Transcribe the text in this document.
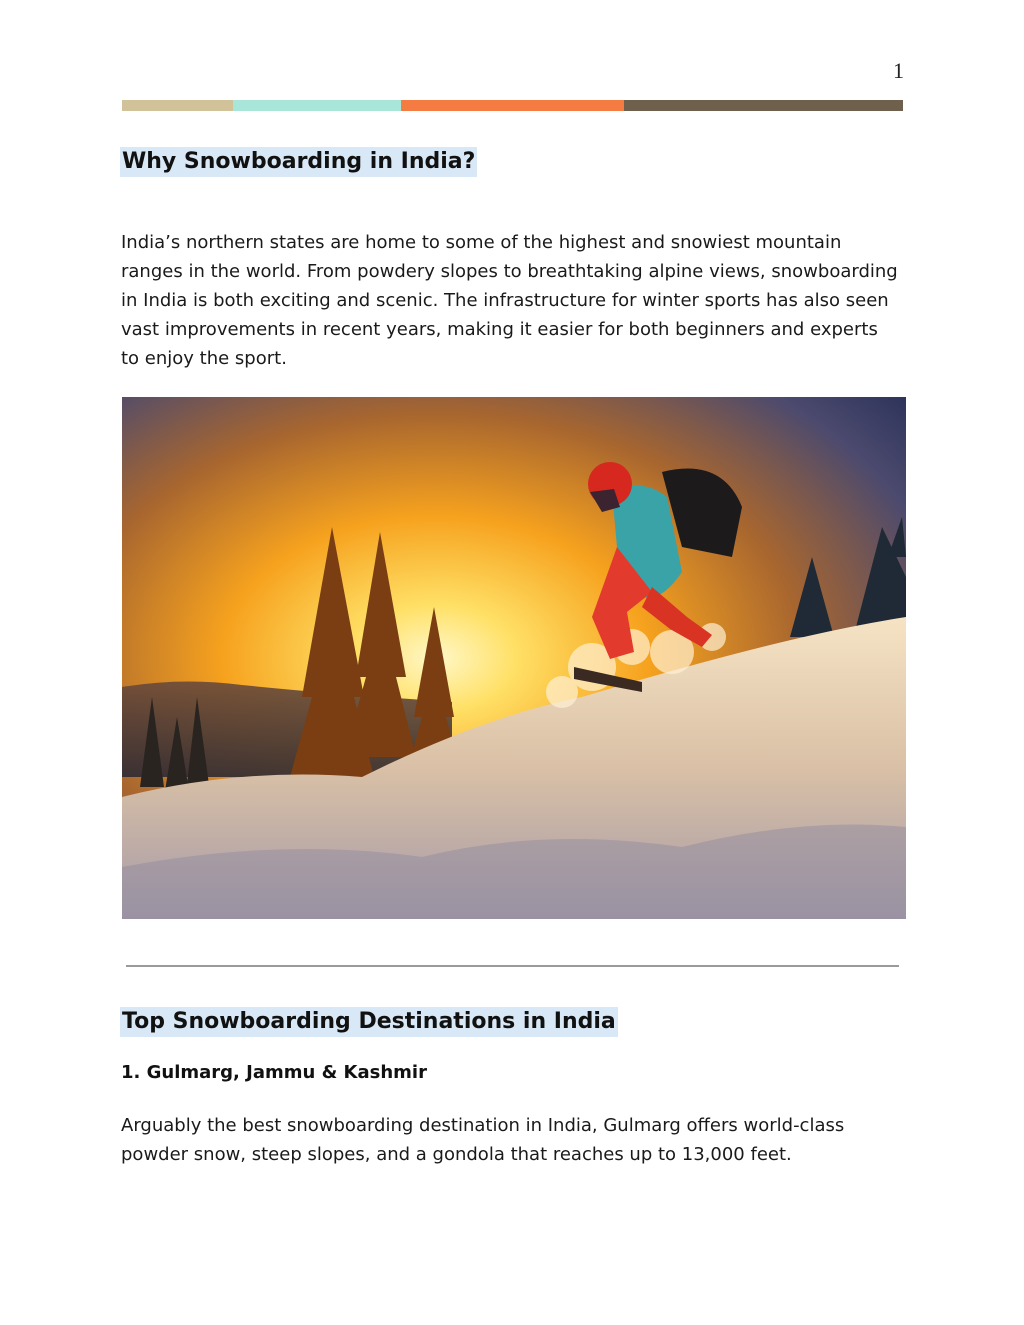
1
Why Snowboarding in India?

India’s northern states are home to some of the highest and snowiest mountain ranges in the world. From powdery slopes to breathtaking alpine views, snowboarding in India is both exciting and scenic. The infrastructure for winter sports has also seen vast improvements in recent years, making it easier for both beginners and experts to enjoy the sport.

Top Snowboarding Destinations in India
1. Gulmarg, Jammu & Kashmir

Arguably the best snowboarding destination in India, Gulmarg offers world-class powder snow, steep slopes, and a gondola that reaches up to 13,000 feet.
